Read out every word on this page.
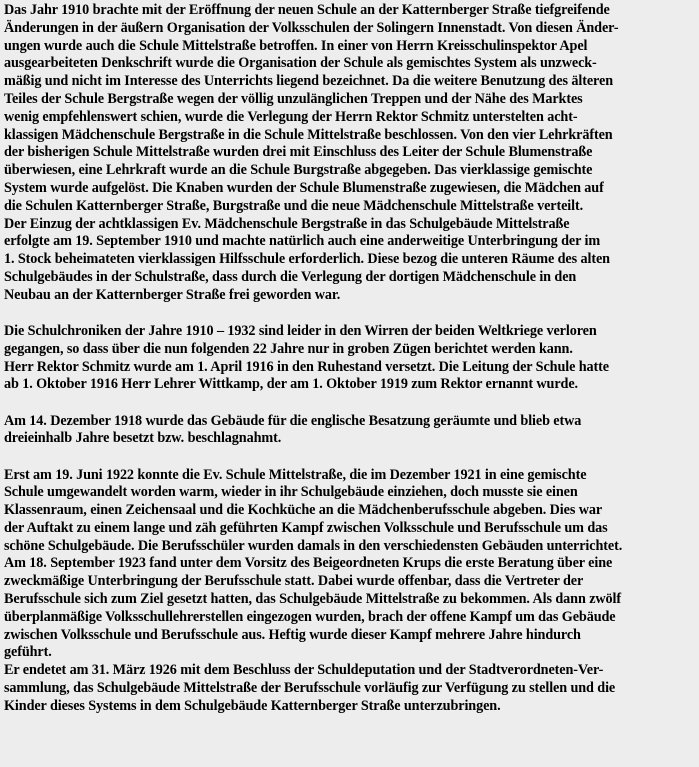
Das Jahr 1910 brachte mit der Eröffnung der neuen Schule an der Katternberger Straße tiefgreifende
Änderungen in der äußern Organisation der Volksschulen der Solingern Innenstadt. Von diesen Änder-
ungen wurde auch die Schule Mittelstraße betroffen. In einer von Herrn Kreisschulinspektor Apel
ausgearbeiteten Denkschrift wurde die Organisation der Schule als gemischtes System als unzweck-
mäßig und nicht im Interesse des Unterrichts liegend bezeichnet. Da die weitere Benutzung des älteren
Teiles der Schule Bergstraße wegen der völlig unzulänglichen Treppen und der Nähe des Marktes
wenig empfehlenswert schien, wurde die Verlegung der Herrn Rektor Schmitz unterstelten acht-
klassigen Mädchenschule Bergstraße in die Schule Mittelstraße beschlossen. Von den vier Lehrkräften
der bisherigen Schule Mittelstraße wurden drei mit Einschluss des Leiter der Schule Blumenstraße
überwiesen, eine Lehrkraft wurde an die Schule Burgstraße abgegeben. Das vierklassige gemischte
System wurde aufgelöst. Die Knaben wurden der Schule Blumenstraße zugewiesen, die Mädchen auf
die Schulen Katternberger Straße, Burgstraße und die neue Mädchenschule Mittelstraße verteilt.
Der Einzug der achtklassigen Ev. Mädchenschule Bergstraße in das Schulgebäude Mittelstraße
erfolgte am 19. September 1910 und machte natürlich auch eine anderweitige Unterbringung der im
1. Stock beheimateten vierklassigen Hilfsschule erforderlich. Diese bezog die unteren Räume des alten
Schulgebäudes in der Schulstraße, dass durch die Verlegung der dortigen Mädchenschule in den
Neubau an der Katternberger Straße frei geworden war.
Die Schulchroniken der Jahre 1910 – 1932 sind leider in den Wirren der beiden Weltkriege verloren
gegangen, so dass über die nun folgenden 22 Jahre nur in groben Zügen berichtet werden kann.
Herr Rektor Schmitz wurde am 1. April 1916 in den Ruhestand versetzt. Die Leitung der Schule hatte
ab 1. Oktober 1916 Herr Lehrer Wittkamp, der am 1. Oktober 1919 zum Rektor ernannt wurde.
Am 14. Dezember 1918 wurde das Gebäude für die englische Besatzung geräumte und blieb etwa
dreieinhalb Jahre besetzt bzw. beschlagnahmt.
Erst am 19. Juni 1922 konnte die Ev. Schule Mittelstraße, die im Dezember 1921 in eine gemischte
Schule umgewandelt worden warm, wieder in ihr Schulgebäude einziehen, doch musste sie einen
Klassenraum, einen Zeichensaal und die Kochküche an die Mädchenberufsschule abgeben. Dies war
der Auftakt zu einem lange und zäh geführten Kampf zwischen Volksschule und Berufsschule um das
schöne Schulgebäude. Die Berufsschüler wurden damals in den verschiedensten Gebäuden unterrichtet.
Am 18. September 1923 fand unter dem Vorsitz des Beigeordneten Krups die erste Beratung über eine
zweckmäßige Unterbringung der Berufsschule statt. Dabei wurde offenbar, dass die Vertreter der
Berufsschule sich zum Ziel gesetzt hatten, das Schulgebäude Mittelstraße zu bekommen. Als dann zwölf
überplanmäßige Volksschullehrerstellen eingezogen wurden, brach der offene Kampf um das Gebäude
zwischen Volksschule und Berufsschule aus. Heftig wurde dieser Kampf mehrere Jahre hindurch
geführt.
Er endetet am 31. März 1926 mit dem Beschluss der Schuldeputation und der Stadtverordneten-Ver-
sammlung, das Schulgebäude Mittelstraße der Berufsschule vorläufig zur Verfügung zu stellen und die
Kinder dieses Systems in dem Schulgebäude Katternberger Straße unterzubringen.
